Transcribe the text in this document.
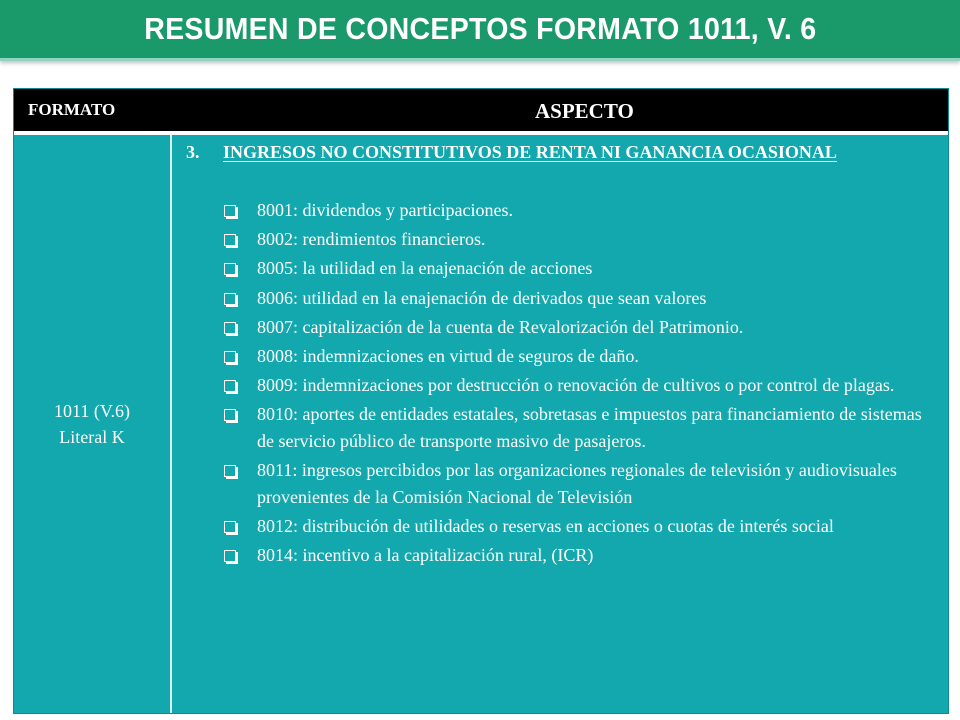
RESUMEN DE CONCEPTOS FORMATO 1011, V. 6
FORMATO	ASPECTO
1011 (V.6)
Literal K
3. INGRESOS NO CONSTITUTIVOS DE RENTA NI GANANCIA OCASIONAL
8001: dividendos y participaciones.
8002: rendimientos financieros.
8005: la utilidad en la enajenación de acciones
8006: utilidad en la enajenación de derivados que sean valores
8007: capitalización de la cuenta de Revalorización del Patrimonio.
8008: indemnizaciones en virtud de seguros de daño.
8009: indemnizaciones por destrucción o renovación de cultivos o por control de plagas.
8010: aportes de entidades estatales, sobretasas e impuestos para financiamiento de sistemas de servicio público de transporte masivo de pasajeros.
8011: ingresos percibidos por las organizaciones regionales de televisión y audiovisuales provenientes de la Comisión Nacional de Televisión
8012: distribución de utilidades o reservas en acciones o cuotas de interés social
8014: incentivo a la capitalización rural, (ICR)
